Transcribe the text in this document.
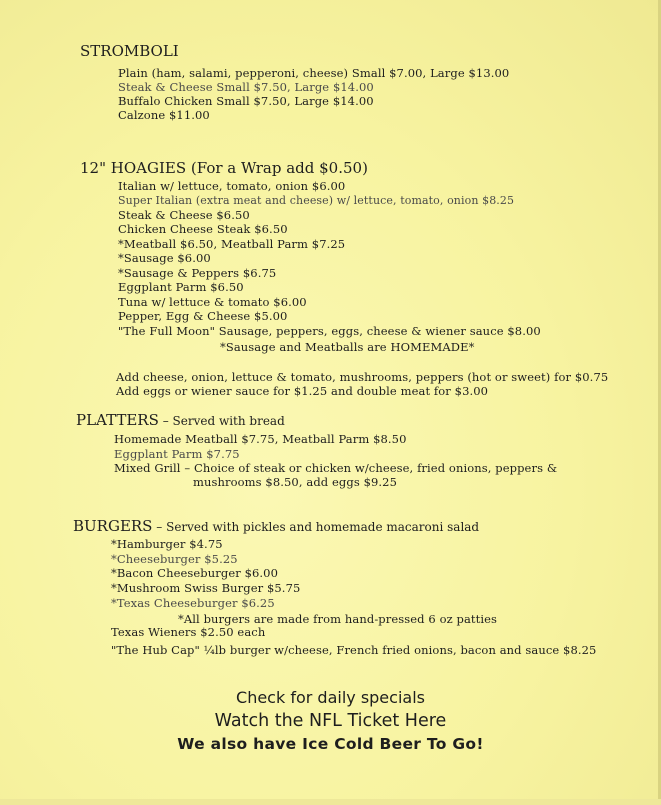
STROMBOLI
Plain (ham, salami, pepperoni, cheese) Small $7.00, Large $13.00
Steak & Cheese Small $7.50, Large $14.00
Buffalo Chicken Small $7.50, Large $14.00
Calzone $11.00
12" HOAGIES (For a Wrap add $0.50)
Italian w/ lettuce, tomato, onion $6.00
Super Italian (extra meat and cheese) w/ lettuce, tomato, onion $8.25
Steak & Cheese $6.50
Chicken Cheese Steak $6.50
*Meatball $6.50, Meatball Parm $7.25
*Sausage $6.00
*Sausage & Peppers $6.75
Eggplant Parm $6.50
Tuna w/ lettuce & tomato $6.00
Pepper, Egg & Cheese $5.00
"The Full Moon" Sausage, peppers, eggs, cheese & wiener sauce $8.00
*Sausage and Meatballs are HOMEMADE*
Add cheese, onion, lettuce & tomato, mushrooms, peppers (hot or sweet) for $0.75
Add eggs or wiener sauce for $1.25 and double meat for $3.00
PLATTERS – Served with bread
Homemade Meatball $7.75, Meatball Parm $8.50
Eggplant Parm $7.75
Mixed Grill – Choice of steak or chicken w/cheese, fried onions, peppers &
mushrooms $8.50, add eggs $9.25
BURGERS – Served with pickles and homemade macaroni salad
*Hamburger $4.75
*Cheeseburger $5.25
*Bacon Cheeseburger $6.00
*Mushroom Swiss Burger $5.75
*Texas Cheeseburger $6.25
*All burgers are made from hand-pressed 6 oz patties
Texas Wieners $2.50 each
"The Hub Cap" ¼lb burger w/cheese, French fried onions, bacon and sauce $8.25
Check for daily specials
Watch the NFL Ticket Here
We also have Ice Cold Beer To Go!
